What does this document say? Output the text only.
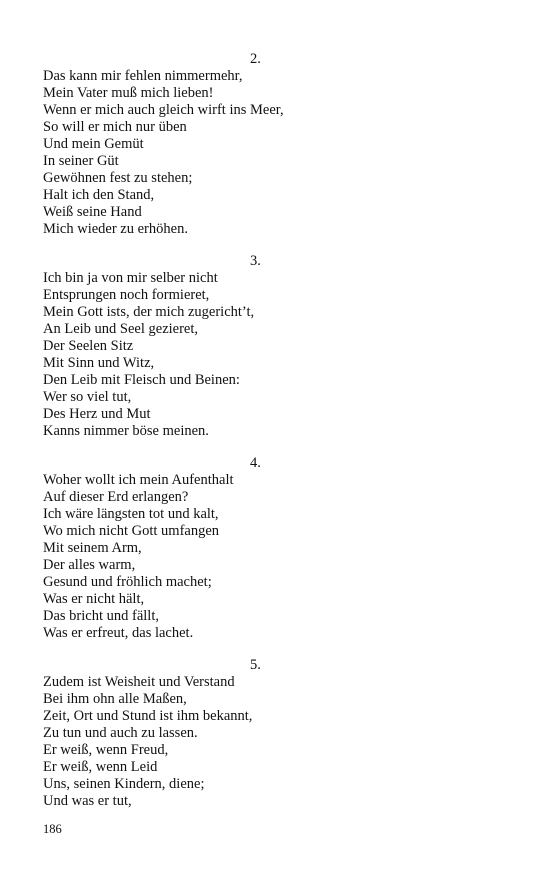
2.
Das kann mir fehlen nimmermehr,
Mein Vater muß mich lieben!
Wenn er mich auch gleich wirft ins Meer,
So will er mich nur üben
Und mein Gemüt
In seiner Güt
Gewöhnen fest zu stehen;
Halt ich den Stand,
Weiß seine Hand
Mich wieder zu erhöhen.
3.
Ich bin ja von mir selber nicht
Entsprungen noch formieret,
Mein Gott ists, der mich zugericht’t,
An Leib und Seel gezieret,
Der Seelen Sitz
Mit Sinn und Witz,
Den Leib mit Fleisch und Beinen:
Wer so viel tut,
Des Herz und Mut
Kanns nimmer böse meinen.
4.
Woher wollt ich mein Aufenthalt
Auf dieser Erd erlangen?
Ich wäre längsten tot und kalt,
Wo mich nicht Gott umfangen
Mit seinem Arm,
Der alles warm,
Gesund und fröhlich machet;
Was er nicht hält,
Das bricht und fällt,
Was er erfreut, das lachet.
5.
Zudem ist Weisheit und Verstand
Bei ihm ohn alle Maßen,
Zeit, Ort und Stund ist ihm bekannt,
Zu tun und auch zu lassen.
Er weiß, wenn Freud,
Er weiß, wenn Leid
Uns, seinen Kindern, diene;
Und was er tut,
186
